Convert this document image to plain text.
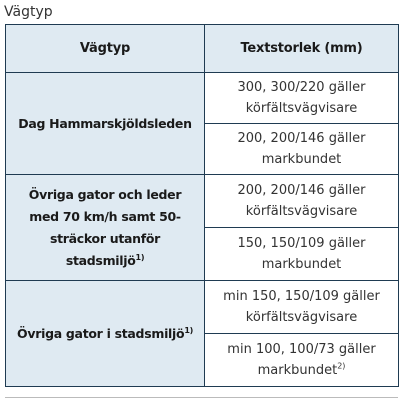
Vägtyp
Vägtyp	Textstorlek (mm)
Dag Hammarskjöldsleden	300, 300/220 gäller körfältsvägvisare
	200, 200/146 gäller markbundet
Övriga gator och leder med 70 km/h samt 50-sträckor utanför stadsmiljö$^{1)}$	200, 200/146 gäller körfältsvägvisare
	150, 150/109 gäller markbundet
Övriga gator i stadsmiljö$^{1)}$	min 150, 150/109 gäller körfältsvägvisare
	min 100, 100/73 gäller markbundet$^{2)}$
